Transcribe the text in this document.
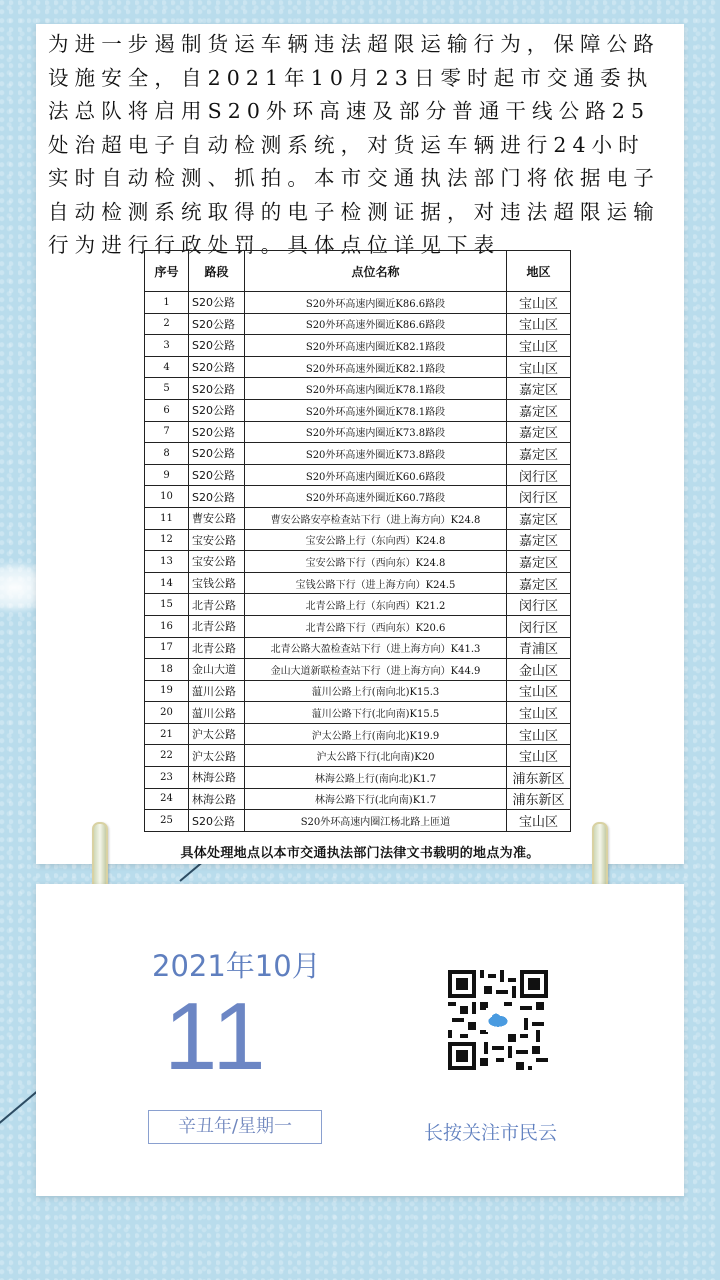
为进一步遏制货运车辆违法超限运输行为，保障公路设施安全，自2021年10月23日零时起市交通委执法总队将启用S20外环高速及部分普通干线公路25处治超电子自动检测系统，对货运车辆进行24小时实时自动检测、抓拍。本市交通执法部门将依据电子自动检测系统取得的电子检测证据，对违法超限运输行为进行行政处罚。具体点位详见下表

序号	路段	点位名称	地区
1	S20公路	S20外环高速内圈近K86.6路段	宝山区
2	S20公路	S20外环高速外圈近K86.6路段	宝山区
3	S20公路	S20外环高速内圈近K82.1路段	宝山区
4	S20公路	S20外环高速外圈近K82.1路段	宝山区
5	S20公路	S20外环高速内圈近K78.1路段	嘉定区
6	S20公路	S20外环高速外圈近K78.1路段	嘉定区
7	S20公路	S20外环高速内圈近K73.8路段	嘉定区
8	S20公路	S20外环高速外圈近K73.8路段	嘉定区
9	S20公路	S20外环高速内圈近K60.6路段	闵行区
10	S20公路	S20外环高速外圈近K60.7路段	闵行区
11	曹安公路	曹安公路安亭检查站下行（进上海方向）K24.8	嘉定区
12	宝安公路	宝安公路上行（东向西）K24.8	嘉定区
13	宝安公路	宝安公路下行（西向东）K24.8	嘉定区
14	宝钱公路	宝钱公路下行（进上海方向）K24.5	嘉定区
15	北青公路	北青公路上行（东向西）K21.2	闵行区
16	北青公路	北青公路下行（西向东）K20.6	闵行区
17	北青公路	北青公路大盈检查站下行（进上海方向）K41.3	青浦区
18	金山大道	金山大道新联检查站下行（进上海方向）K44.9	金山区
19	蕰川公路	蕰川公路上行(南向北)K15.3	宝山区
20	蕰川公路	蕰川公路下行(北向南)K15.5	宝山区
21	沪太公路	沪太公路上行(南向北)K19.9	宝山区
22	沪太公路	沪太公路下行(北向南)K20	宝山区
23	林海公路	林海公路上行(南向北)K1.7	浦东新区
24	林海公路	林海公路下行(北向南)K1.7	浦东新区
25	S20公路	S20外环高速内圈江杨北路上匝道	宝山区
具体处理地点以本市交通执法部门法律文书载明的地点为准。
2021年10月
11
辛丑年/星期一	长按关注市民云
